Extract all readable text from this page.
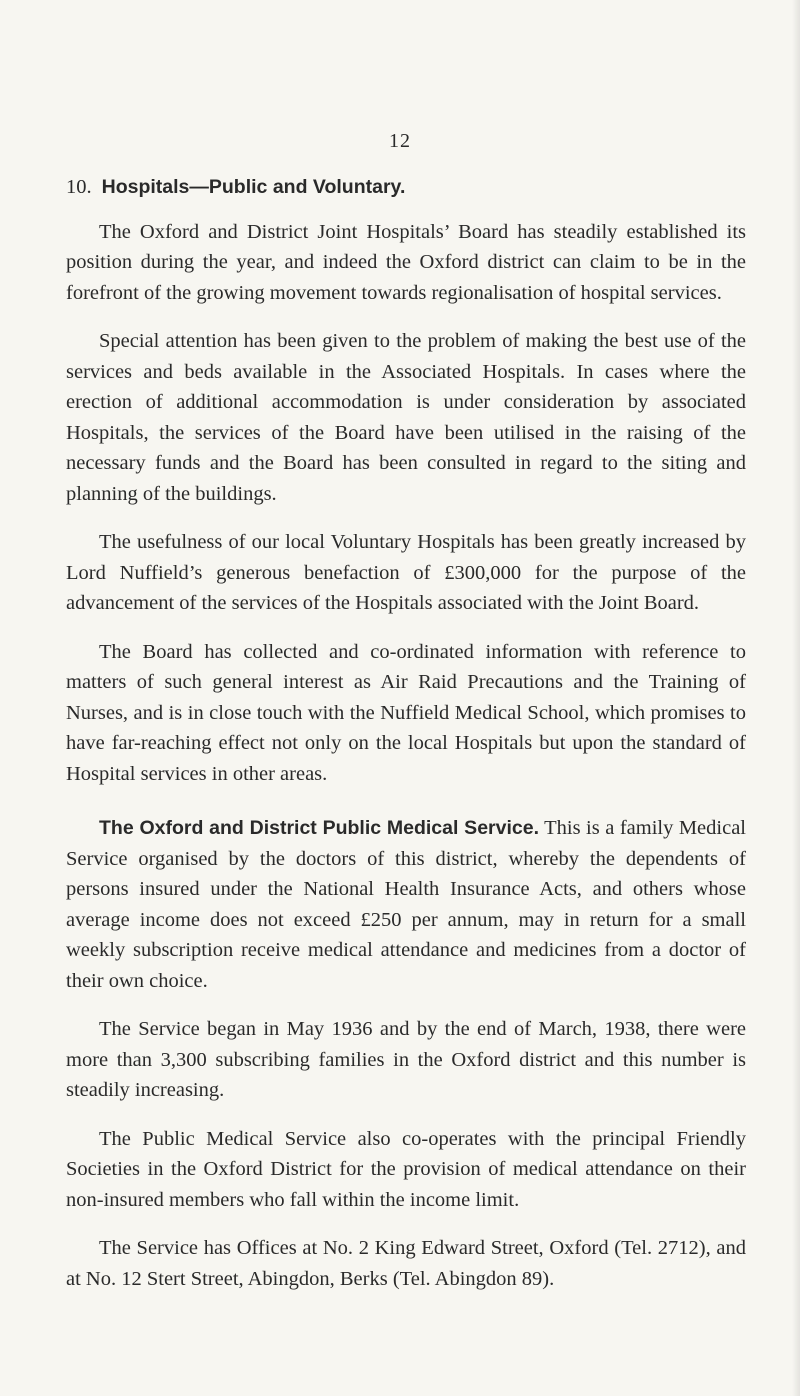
12
10. Hospitals—Public and Voluntary.

The Oxford and District Joint Hospitals’ Board has steadily established its position during the year, and indeed the Oxford district can claim to be in the forefront of the growing movement towards regionalisation of hospital services.

Special attention has been given to the problem of making the best use of the services and beds available in the Associated Hospitals. In cases where the erection of additional accommodation is under consideration by associated Hospitals, the services of the Board have been utilised in the raising of the necessary funds and the Board has been consulted in regard to the siting and planning of the buildings.

The usefulness of our local Voluntary Hospitals has been greatly increased by Lord Nuffield’s generous benefaction of £300,000 for the purpose of the advancement of the services of the Hospitals associated with the Joint Board.

The Board has collected and co-ordinated information with reference to matters of such general interest as Air Raid Precautions and the Training of Nurses, and is in close touch with the Nuffield Medical School, which promises to have far-reaching effect not only on the local Hospitals but upon the standard of Hospital services in other areas.

The Oxford and District Public Medical Service. This is a family Medical Service organised by the doctors of this district, whereby the dependents of persons insured under the National Health Insurance Acts, and others whose average income does not exceed £250 per annum, may in return for a small weekly subscription receive medical attendance and medicines from a doctor of their own choice.

The Service began in May 1936 and by the end of March, 1938, there were more than 3,300 subscribing families in the Oxford district and this number is steadily increasing.

The Public Medical Service also co-operates with the principal Friendly Societies in the Oxford District for the provision of medical attendance on their non-insured members who fall within the income limit.

The Service has Offices at No. 2 King Edward Street, Oxford (Tel. 2712), and at No. 12 Stert Street, Abingdon, Berks (Tel. Abingdon 89).
